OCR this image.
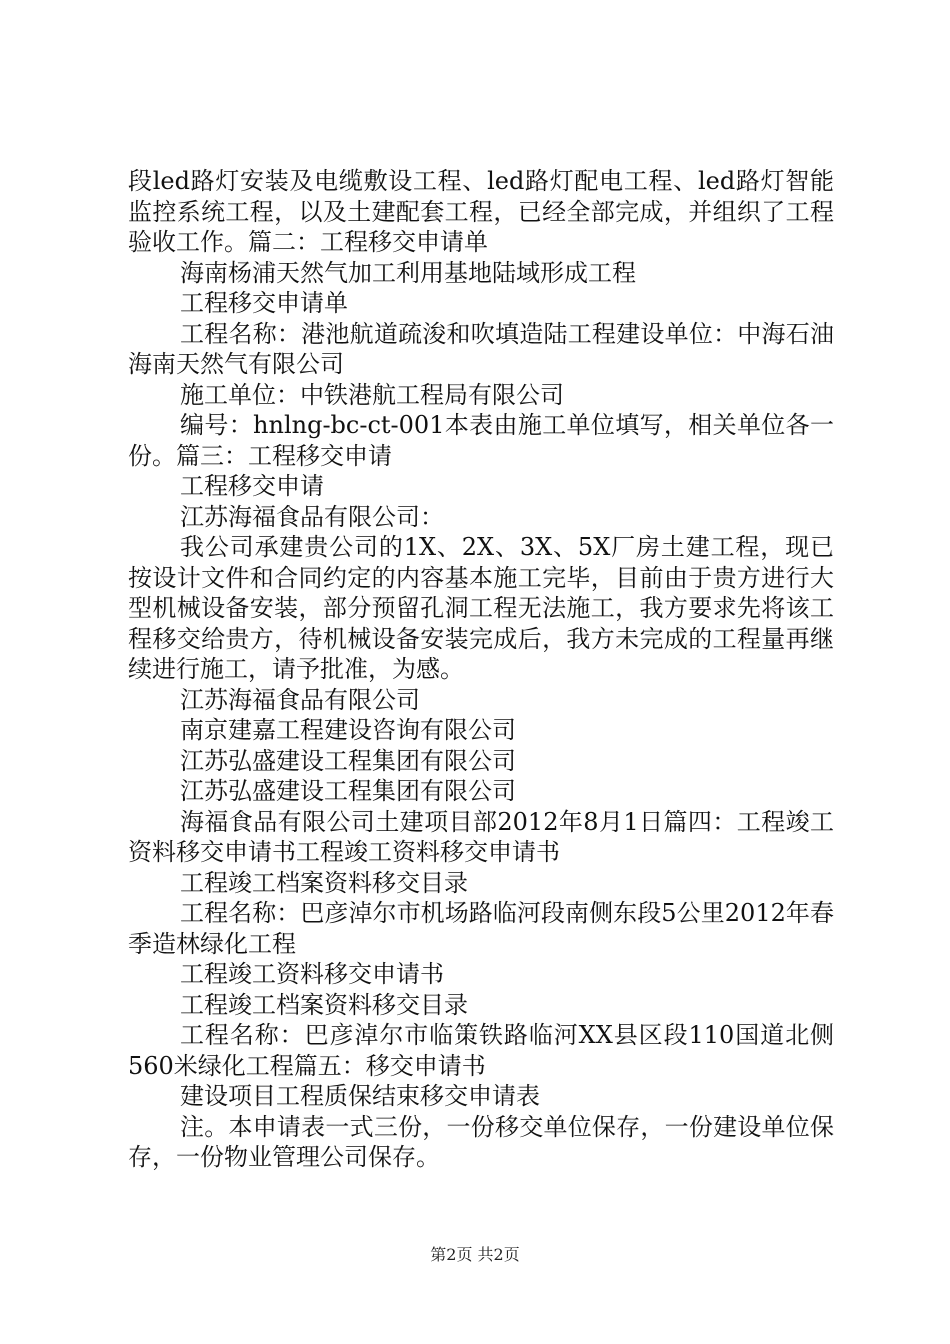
段led路灯安装及电缆敷设工程、led路灯配电工程、led路灯智能监控系统工程，以及土建配套工程，已经全部完成，并组织了工程验收工作。篇二：工程移交申请单

海南杨浦天然气加工利用基地陆域形成工程

工程移交申请单

工程名称：港池航道疏浚和吹填造陆工程建设单位：中海石油海南天然气有限公司

施工单位：中铁港航工程局有限公司

编号：hnlng-bc-ct-001本表由施工单位填写，相关单位各一份。篇三：工程移交申请

工程移交申请

江苏海福食品有限公司：

我公司承建贵公司的1X、2X、3X、5X厂房土建工程，现已按设计文件和合同约定的内容基本施工完毕，目前由于贵方进行大型机械设备安装，部分预留孔洞工程无法施工，我方要求先将该工程移交给贵方，待机械设备安装完成后，我方未完成的工程量再继续进行施工，请予批准，为感。

江苏海福食品有限公司

南京建嘉工程建设咨询有限公司

江苏弘盛建设工程集团有限公司

江苏弘盛建设工程集团有限公司

海福食品有限公司土建项目部2012年8月1日篇四：工程竣工资料移交申请书工程竣工资料移交申请书

工程竣工档案资料移交目录

工程名称：巴彦淖尔市机场路临河段南侧东段5公里2012年春季造林绿化工程

工程竣工资料移交申请书

工程竣工档案资料移交目录

工程名称：巴彦淖尔市临策铁路临河XX县区段110国道北侧560米绿化工程篇五：移交申请书

建设项目工程质保结束移交申请表

注。本申请表一式三份，一份移交单位保存，一份建设单位保存，一份物业管理公司保存。

第2页 共2页
